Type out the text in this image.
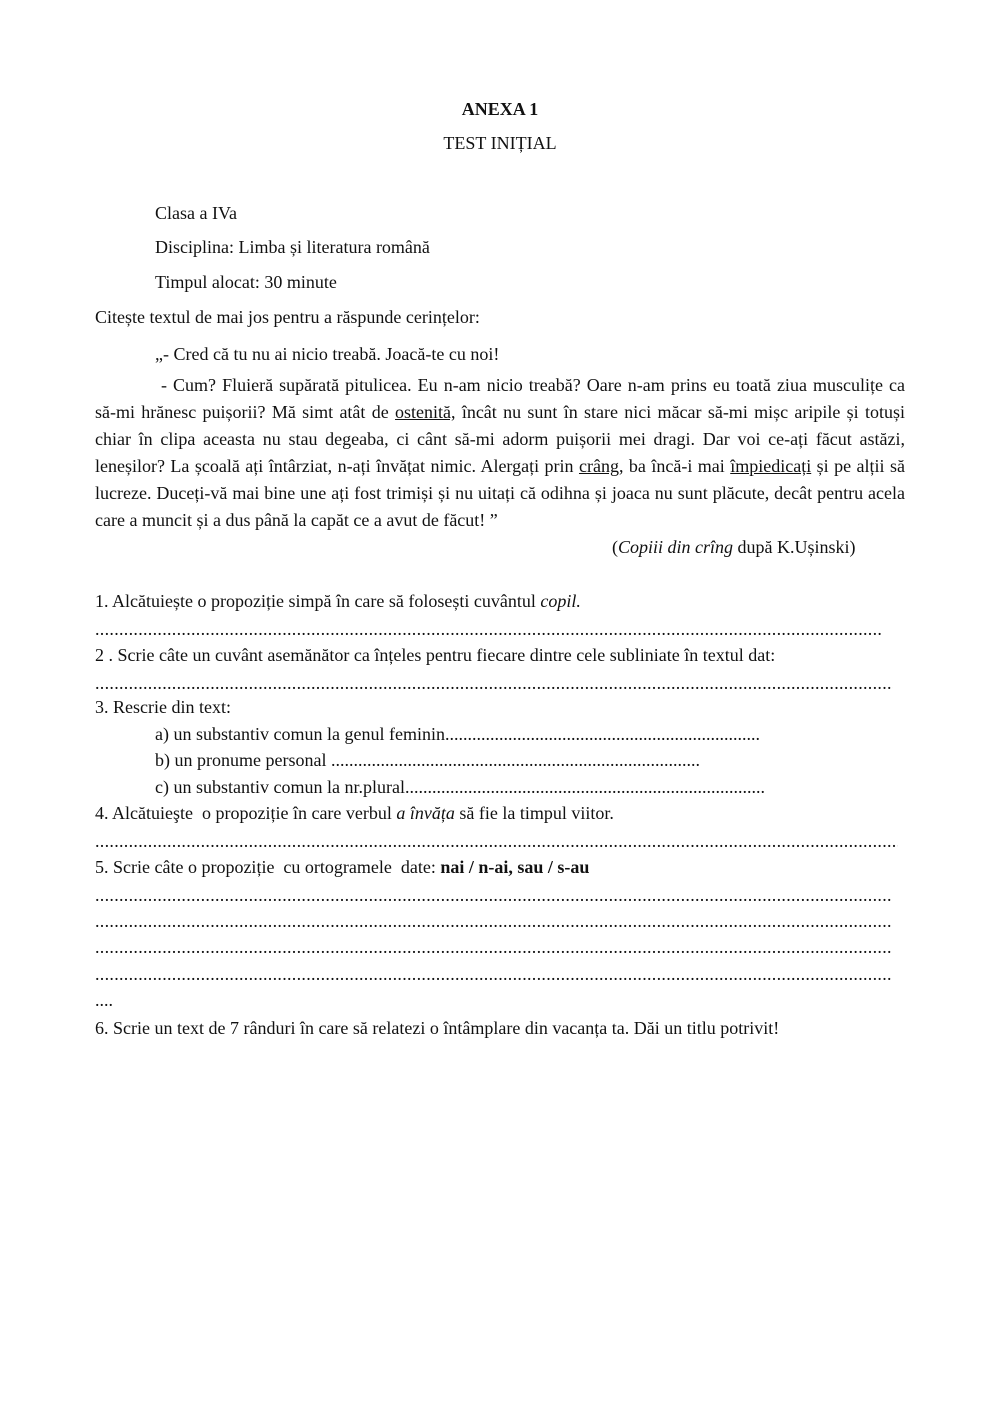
ANEXA 1
TEST INIȚIAL
Clasa a IVa
Disciplina: Limba și literatura română
Timpul alocat: 30 minute
Citește textul de mai jos pentru a răspunde cerințelor:
„- Cred că tu nu ai nicio treabă. Joacă-te cu noi!
- Cum? Fluieră supărată pitulicea. Eu n-am nicio treabă? Oare n-am prins eu toată ziua musculițe ca să-mi hrănesc puișorii? Mă simt atât de ostenită, încât nu sunt în stare nici măcar să-mi mișc aripile și totuși chiar în clipa aceasta nu stau degeaba, ci cânt să-mi adorm puișorii mei dragi. Dar voi ce-ați făcut astăzi, leneșilor? La școală ați întârziat, n-ați învățat nimic. Alergați prin crâng, ba încă-i mai împiedicați și pe alții să lucreze. Duceți-vă mai bine une ați fost trimiși și nu uitați că odihna și joaca nu sunt plăcute, decât pentru acela care a muncit și a dus până la capăt ce a avut de făcut! ”
(Copiii din crîng după K.Ușinski)
1. Alcătuiește o propoziție simpă în care să folosești cuvântul copil.
.....
2 . Scrie câte un cuvânt asemănător ca înțeles pentru fiecare dintre cele subliniate în textul dat:
.....
3. Rescrie din text:
a) un substantiv comun la genul feminin......................................................................
b) un pronume personal ..................................................................................
c) un substantiv comun la nr.plural................................................................................
4. Alcătuieşte  o propoziție în care verbul a învăța să fie la timpul viitor.
.....
5. Scrie câte o propoziție  cu ortogramele  date: nai / n-ai, sau / s-au
.....
.....
.....
.....
....
6. Scrie un text de 7 rânduri în care să relatezi o întâmplare din vacanța ta. Dăi un titlu potrivit!
